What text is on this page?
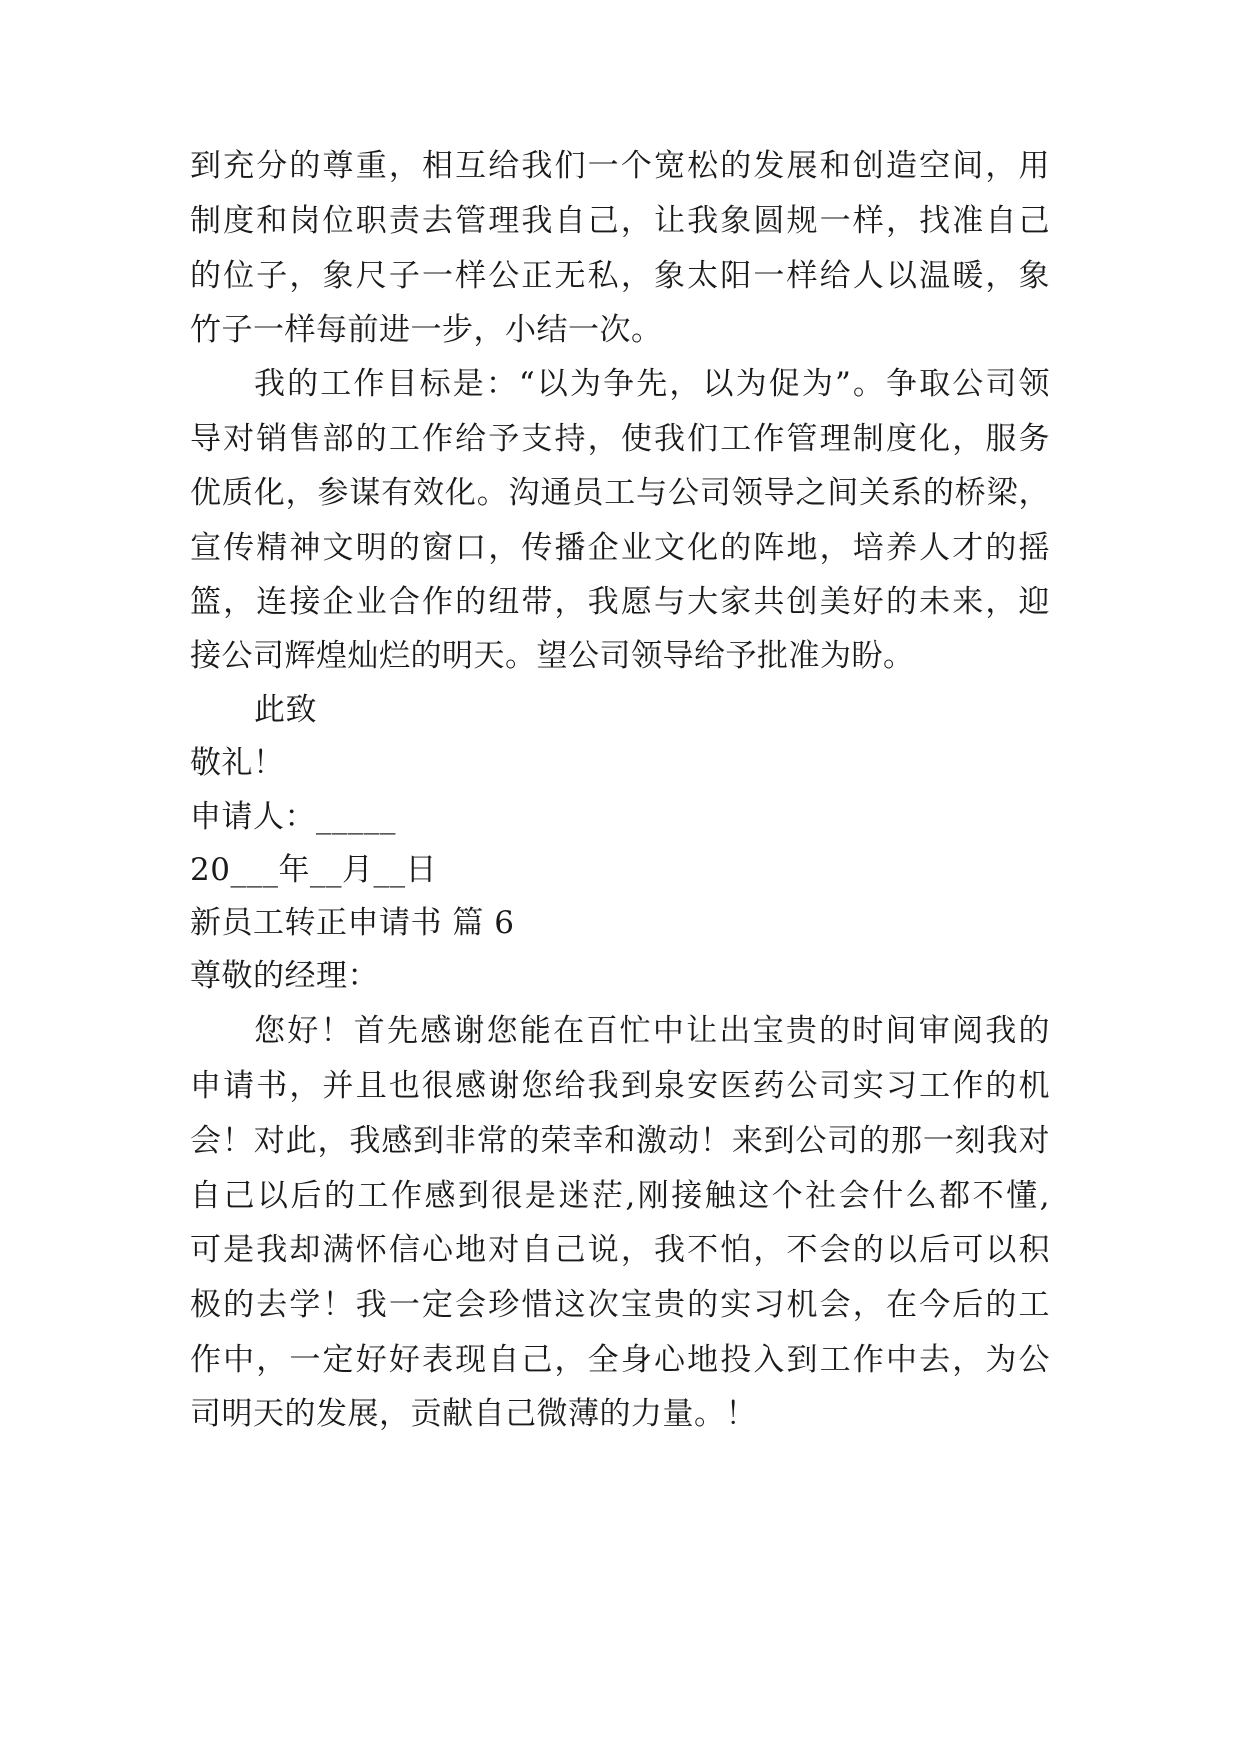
到充分的尊重，相互给我们一个宽松的发展和创造空间，用
制度和岗位职责去管理我自己，让我象圆规一样，找准自己
的位子，象尺子一样公正无私，象太阳一样给人以温暖，象
竹子一样每前进一步，小结一次。
我的工作目标是：“以为争先，以为促为”。争取公司领
导对销售部的工作给予支持，使我们工作管理制度化，服务
优质化，参谋有效化。沟通员工与公司领导之间关系的桥梁，
宣传精神文明的窗口，传播企业文化的阵地，培养人才的摇
篮，连接企业合作的纽带，我愿与大家共创美好的未来，迎
接公司辉煌灿烂的明天。望公司领导给予批准为盼。
此致
敬礼！
申请人：_____
20___年__月__日
新员工转正申请书 篇 6
尊敬的经理：
您好！首先感谢您能在百忙中让出宝贵的时间审阅我的
申请书，并且也很感谢您给我到泉安医药公司实习工作的机
会！对此，我感到非常的荣幸和激动！来到公司的那一刻我对
自己以后的工作感到很是迷茫,刚接触这个社会什么都不懂,
可是我却满怀信心地对自己说，我不怕，不会的以后可以积
极的去学！我一定会珍惜这次宝贵的实习机会，在今后的工
作中，一定好好表现自己，全身心地投入到工作中去，为公
司明天的发展，贡献自己微薄的力量。！
